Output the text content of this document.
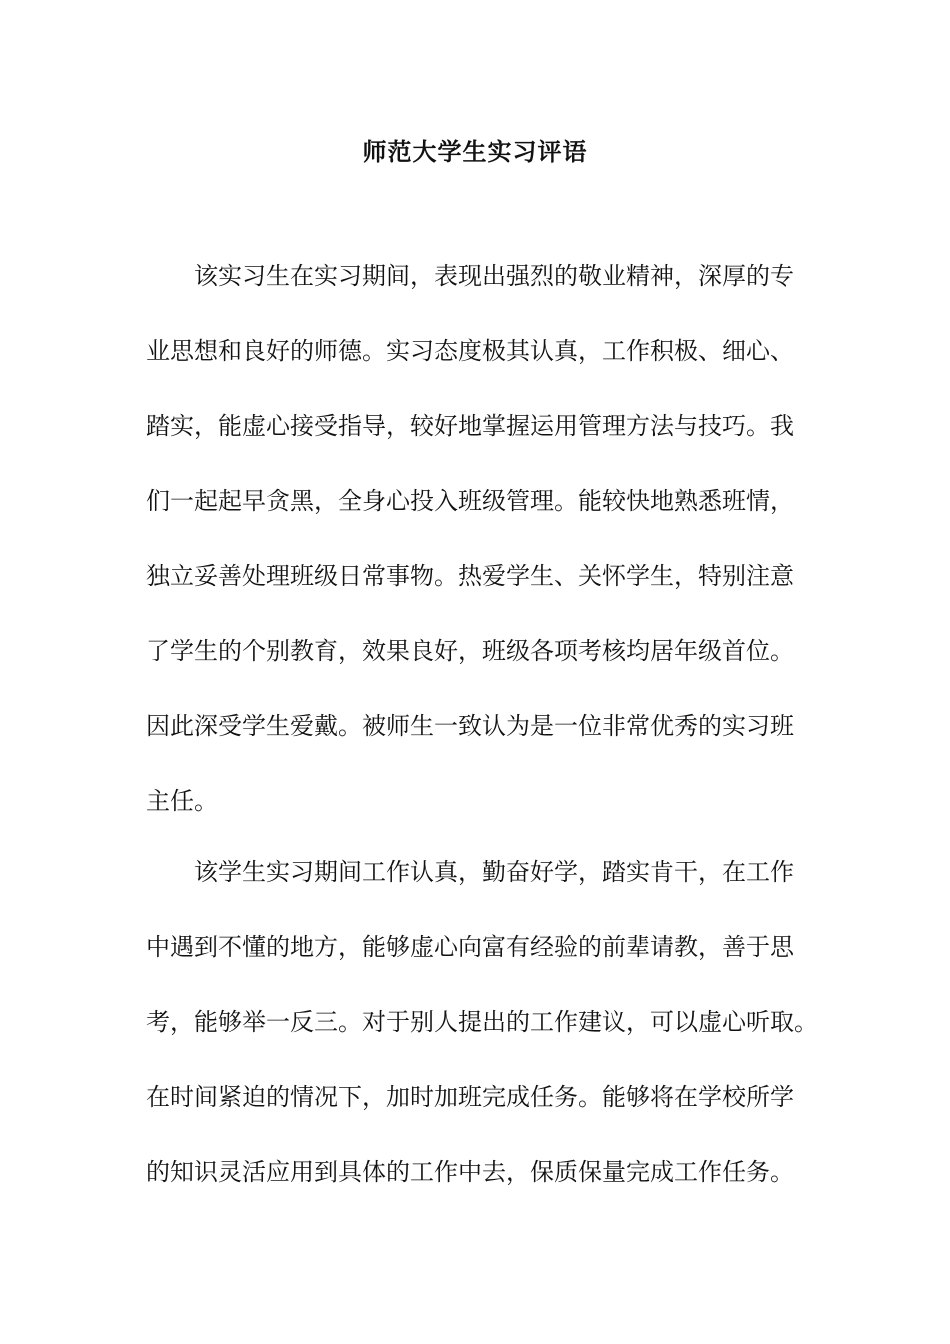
师范大学生实习评语
该实习生在实习期间，表现出强烈的敬业精神，深厚的专
业思想和良好的师德。实习态度极其认真，工作积极、细心、
踏实，能虚心接受指导，较好地掌握运用管理方法与技巧。我
们一起起早贪黑，全身心投入班级管理。能较快地熟悉班情，
独立妥善处理班级日常事物。热爱学生、关怀学生，特别注意
了学生的个别教育，效果良好，班级各项考核均居年级首位。
因此深受学生爱戴。被师生一致认为是一位非常优秀的实习班
主任。
该学生实习期间工作认真，勤奋好学，踏实肯干，在工作
中遇到不懂的地方，能够虚心向富有经验的前辈请教，善于思
考，能够举一反三。对于别人提出的工作建议，可以虚心听取。
在时间紧迫的情况下，加时加班完成任务。能够将在学校所学
的知识灵活应用到具体的工作中去，保质保量完成工作任务。
